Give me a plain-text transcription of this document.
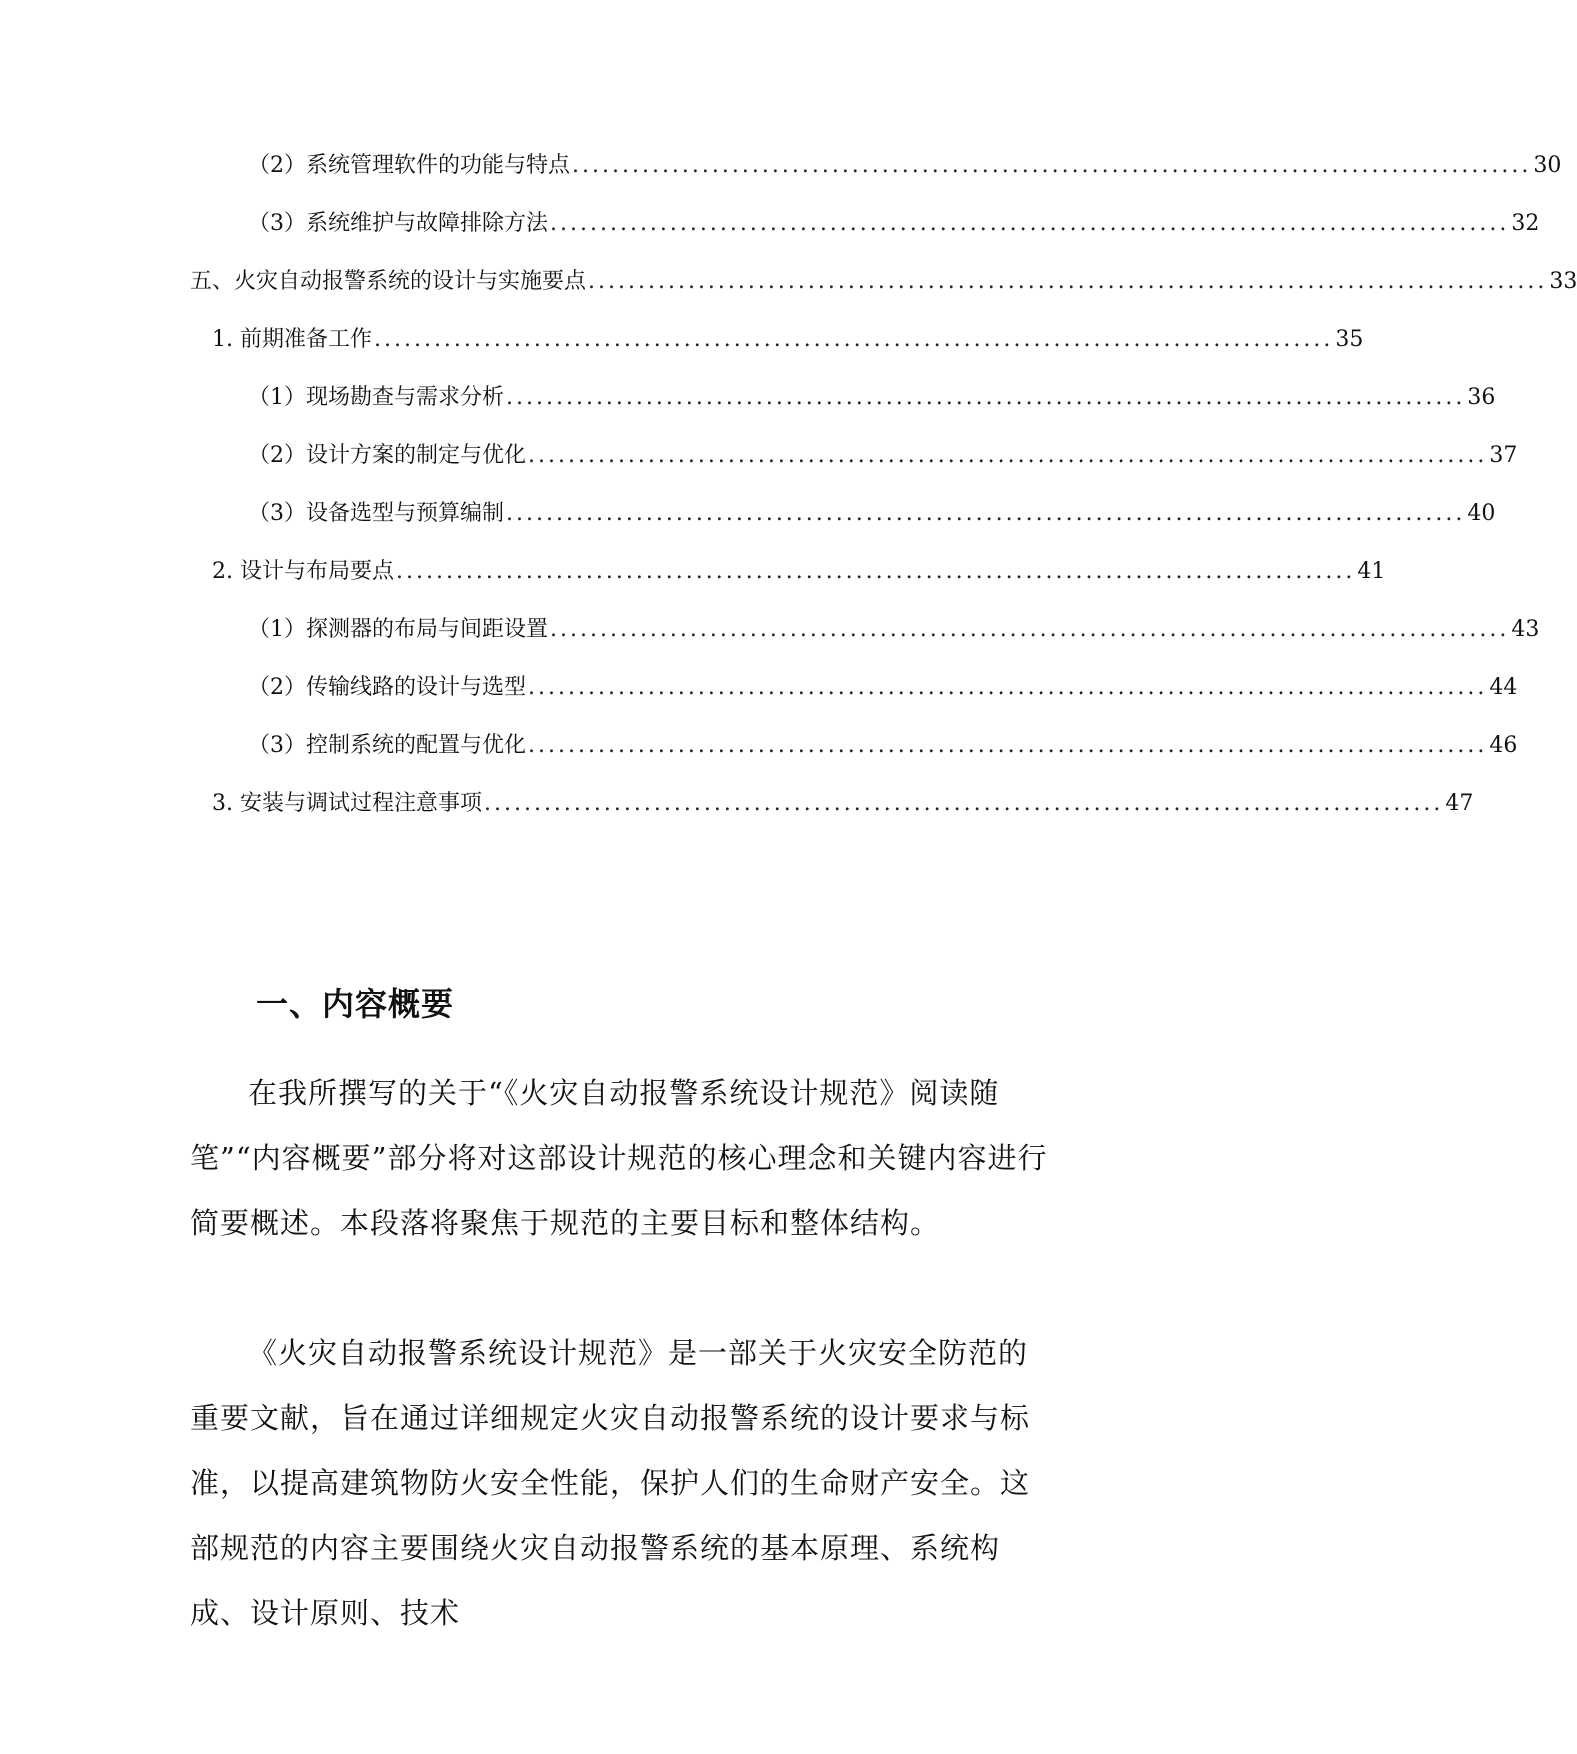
（2）系统管理软件的功能与特点 ................................................................................................ 30
（3）系统维护与故障排除方法 ................................................................................................ 32
五、火灾自动报警系统的设计与实施要点 ................................................................................................ 33
1. 前期准备工作 ................................................................................................ 35
（1）现场勘查与需求分析 ................................................................................................ 36
（2）设计方案的制定与优化 ................................................................................................ 37
（3）设备选型与预算编制 ................................................................................................ 40
2. 设计与布局要点 ................................................................................................ 41
（1）探测器的布局与间距设置 ................................................................................................ 43
（2）传输线路的设计与选型 ................................................................................................ 44
（3）控制系统的配置与优化 ................................................................................................ 46
3. 安装与调试过程注意事项 ................................................................................................ 47
一、内容概要

在我所撰写的关于“《火灾自动报警系统设计规范》阅读随笔”“内容概要”部分将对这部设计规范的核心理念和关键内容进行简要概述。本段落将聚焦于规范的主要目标和整体结构。

《火灾自动报警系统设计规范》是一部关于火灾安全防范的重要文献，旨在通过详细规定火灾自动报警系统的设计要求与标准，以提高建筑物防火安全性能，保护人们的生命财产安全。这部规范的内容主要围绕火灾自动报警系统的基本原理、系统构成、设计原则、技术
